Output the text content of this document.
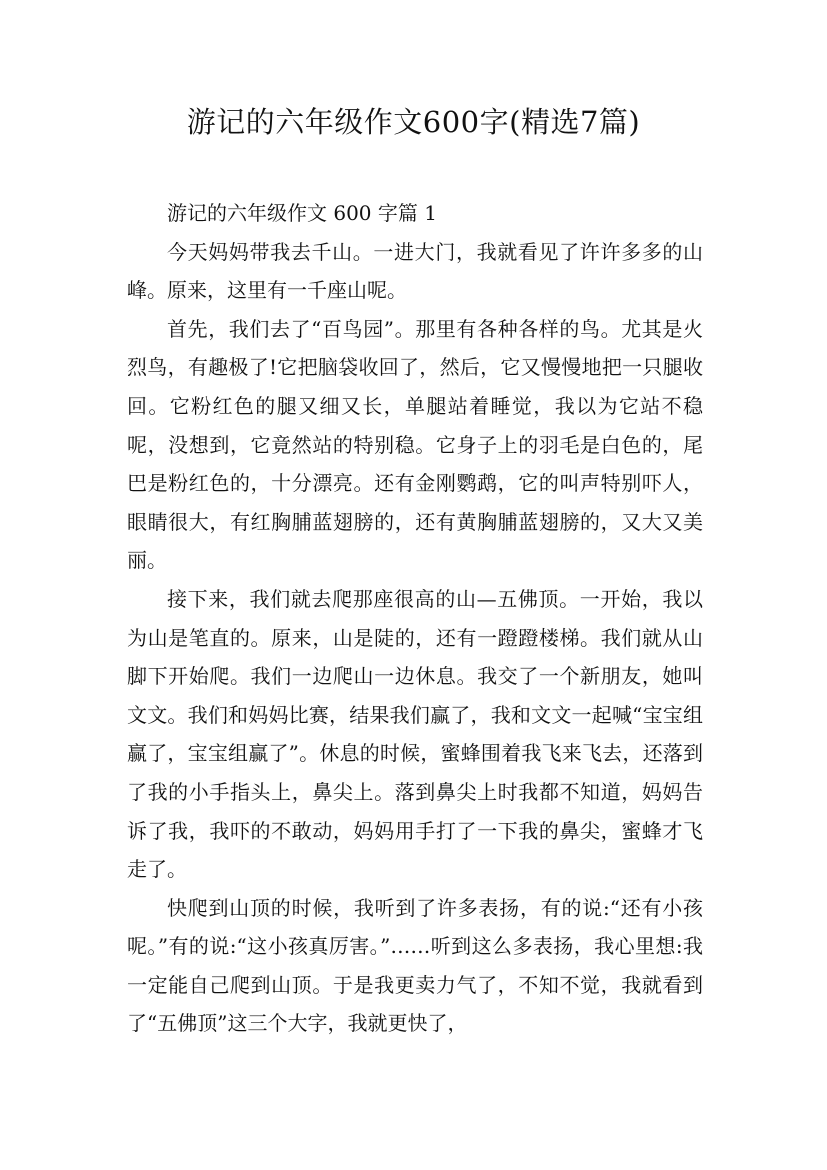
游记的六年级作文600字(精选7篇)

游记的六年级作文 600 字篇 1

今天妈妈带我去千山。一进大门，我就看见了许许多多的山峰。原来，这里有一千座山呢。

首先，我们去了“百鸟园”。那里有各种各样的鸟。尤其是火烈鸟，有趣极了!它把脑袋收回了，然后，它又慢慢地把一只腿收回。它粉红色的腿又细又长，单腿站着睡觉，我以为它站不稳呢，没想到，它竟然站的特别稳。它身子上的羽毛是白色的，尾巴是粉红色的，十分漂亮。还有金刚鹦鹉，它的叫声特别吓人，眼睛很大，有红胸脯蓝翅膀的，还有黄胸脯蓝翅膀的，又大又美丽。

接下来，我们就去爬那座很高的山—五佛顶。一开始，我以为山是笔直的。原来，山是陡的，还有一蹬蹬楼梯。我们就从山脚下开始爬。我们一边爬山一边休息。我交了一个新朋友，她叫文文。我们和妈妈比赛，结果我们赢了，我和文文一起喊“宝宝组赢了，宝宝组赢了”。休息的时候，蜜蜂围着我飞来飞去，还落到了我的小手指头上，鼻尖上。落到鼻尖上时我都不知道，妈妈告诉了我，我吓的不敢动，妈妈用手打了一下我的鼻尖，蜜蜂才飞走了。

快爬到山顶的时候，我听到了许多表扬，有的说:“还有小孩呢。”有的说:“这小孩真厉害。”……听到这么多表扬，我心里想:我一定能自己爬到山顶。于是我更卖力气了，不知不觉，我就看到了“五佛顶”这三个大字，我就更快了，
